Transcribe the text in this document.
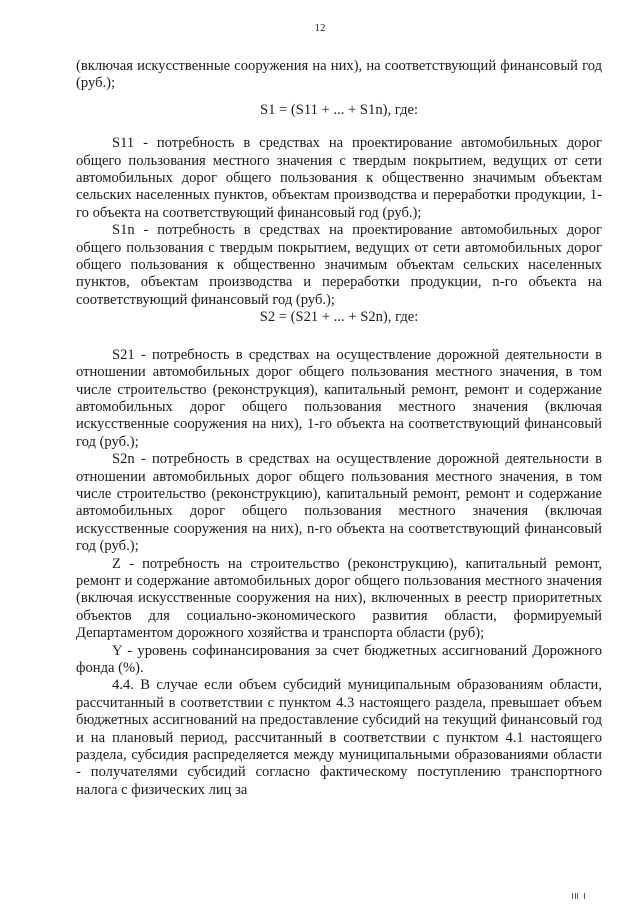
12

(включая искусственные сооружения на них), на соответствующий финансовый год (руб.);

S1 = (S11 + ... + S1n), где:

S11 - потребность в средствах на проектирование автомобильных дорог общего пользования местного значения с твердым покрытием, ведущих от сети автомобильных дорог общего пользования к общественно значимым объектам сельских населенных пунктов, объектам производства и переработки продукции, 1-го объекта на соответствующий финансовый год (руб.);

S1n - потребность в средствах на проектирование автомобильных дорог общего пользования с твердым покрытием, ведущих от сети автомобильных дорог общего пользования к общественно значимым объектам сельских населенных пунктов, объектам производства и переработки продукции, n-го объекта на соответствующий финансовый год (руб.);

S2 = (S21 + ... + S2n), где:

S21 - потребность в средствах на осуществление дорожной деятельности в отношении автомобильных дорог общего пользования местного значения, в том числе строительство (реконструкция), капитальный ремонт, ремонт и содержание автомобильных дорог общего пользования местного значения (включая искусственные сооружения на них), 1-го объекта на соответствующий финансовый год (руб.);

S2n - потребность в средствах на осуществление дорожной деятельности в отношении автомобильных дорог общего пользования местного значения, в том числе строительство (реконструкцию), капитальный ремонт, ремонт и содержание автомобильных дорог общего пользования местного значения (включая искусственные сооружения на них), n-го объекта на соответствующий финансовый год (руб.);

Z - потребность на строительство (реконструкцию), капитальный ремонт, ремонт и содержание автомобильных дорог общего пользования местного значения (включая искусственные сооружения на них), включенных в реестр приоритетных объектов для социально-экономического развития области, формируемый Департаментом дорожного хозяйства и транспорта области (руб);

Y - уровень софинансирования за счет бюджетных ассигнований Дорожного фонда (%).

4.4. В случае если объем субсидий муниципальным образованиям области, рассчитанный в соответствии с пунктом 4.3 настоящего раздела, превышает объем бюджетных ассигнований на предоставление субсидий на текущий финансовый год и на плановый период, рассчитанный в соответствии с пунктом 4.1 настоящего раздела, субсидия распределяется между муниципальными образованиями области - получателями субсидий согласно фактическому поступлению транспортного налога с физических лиц за
